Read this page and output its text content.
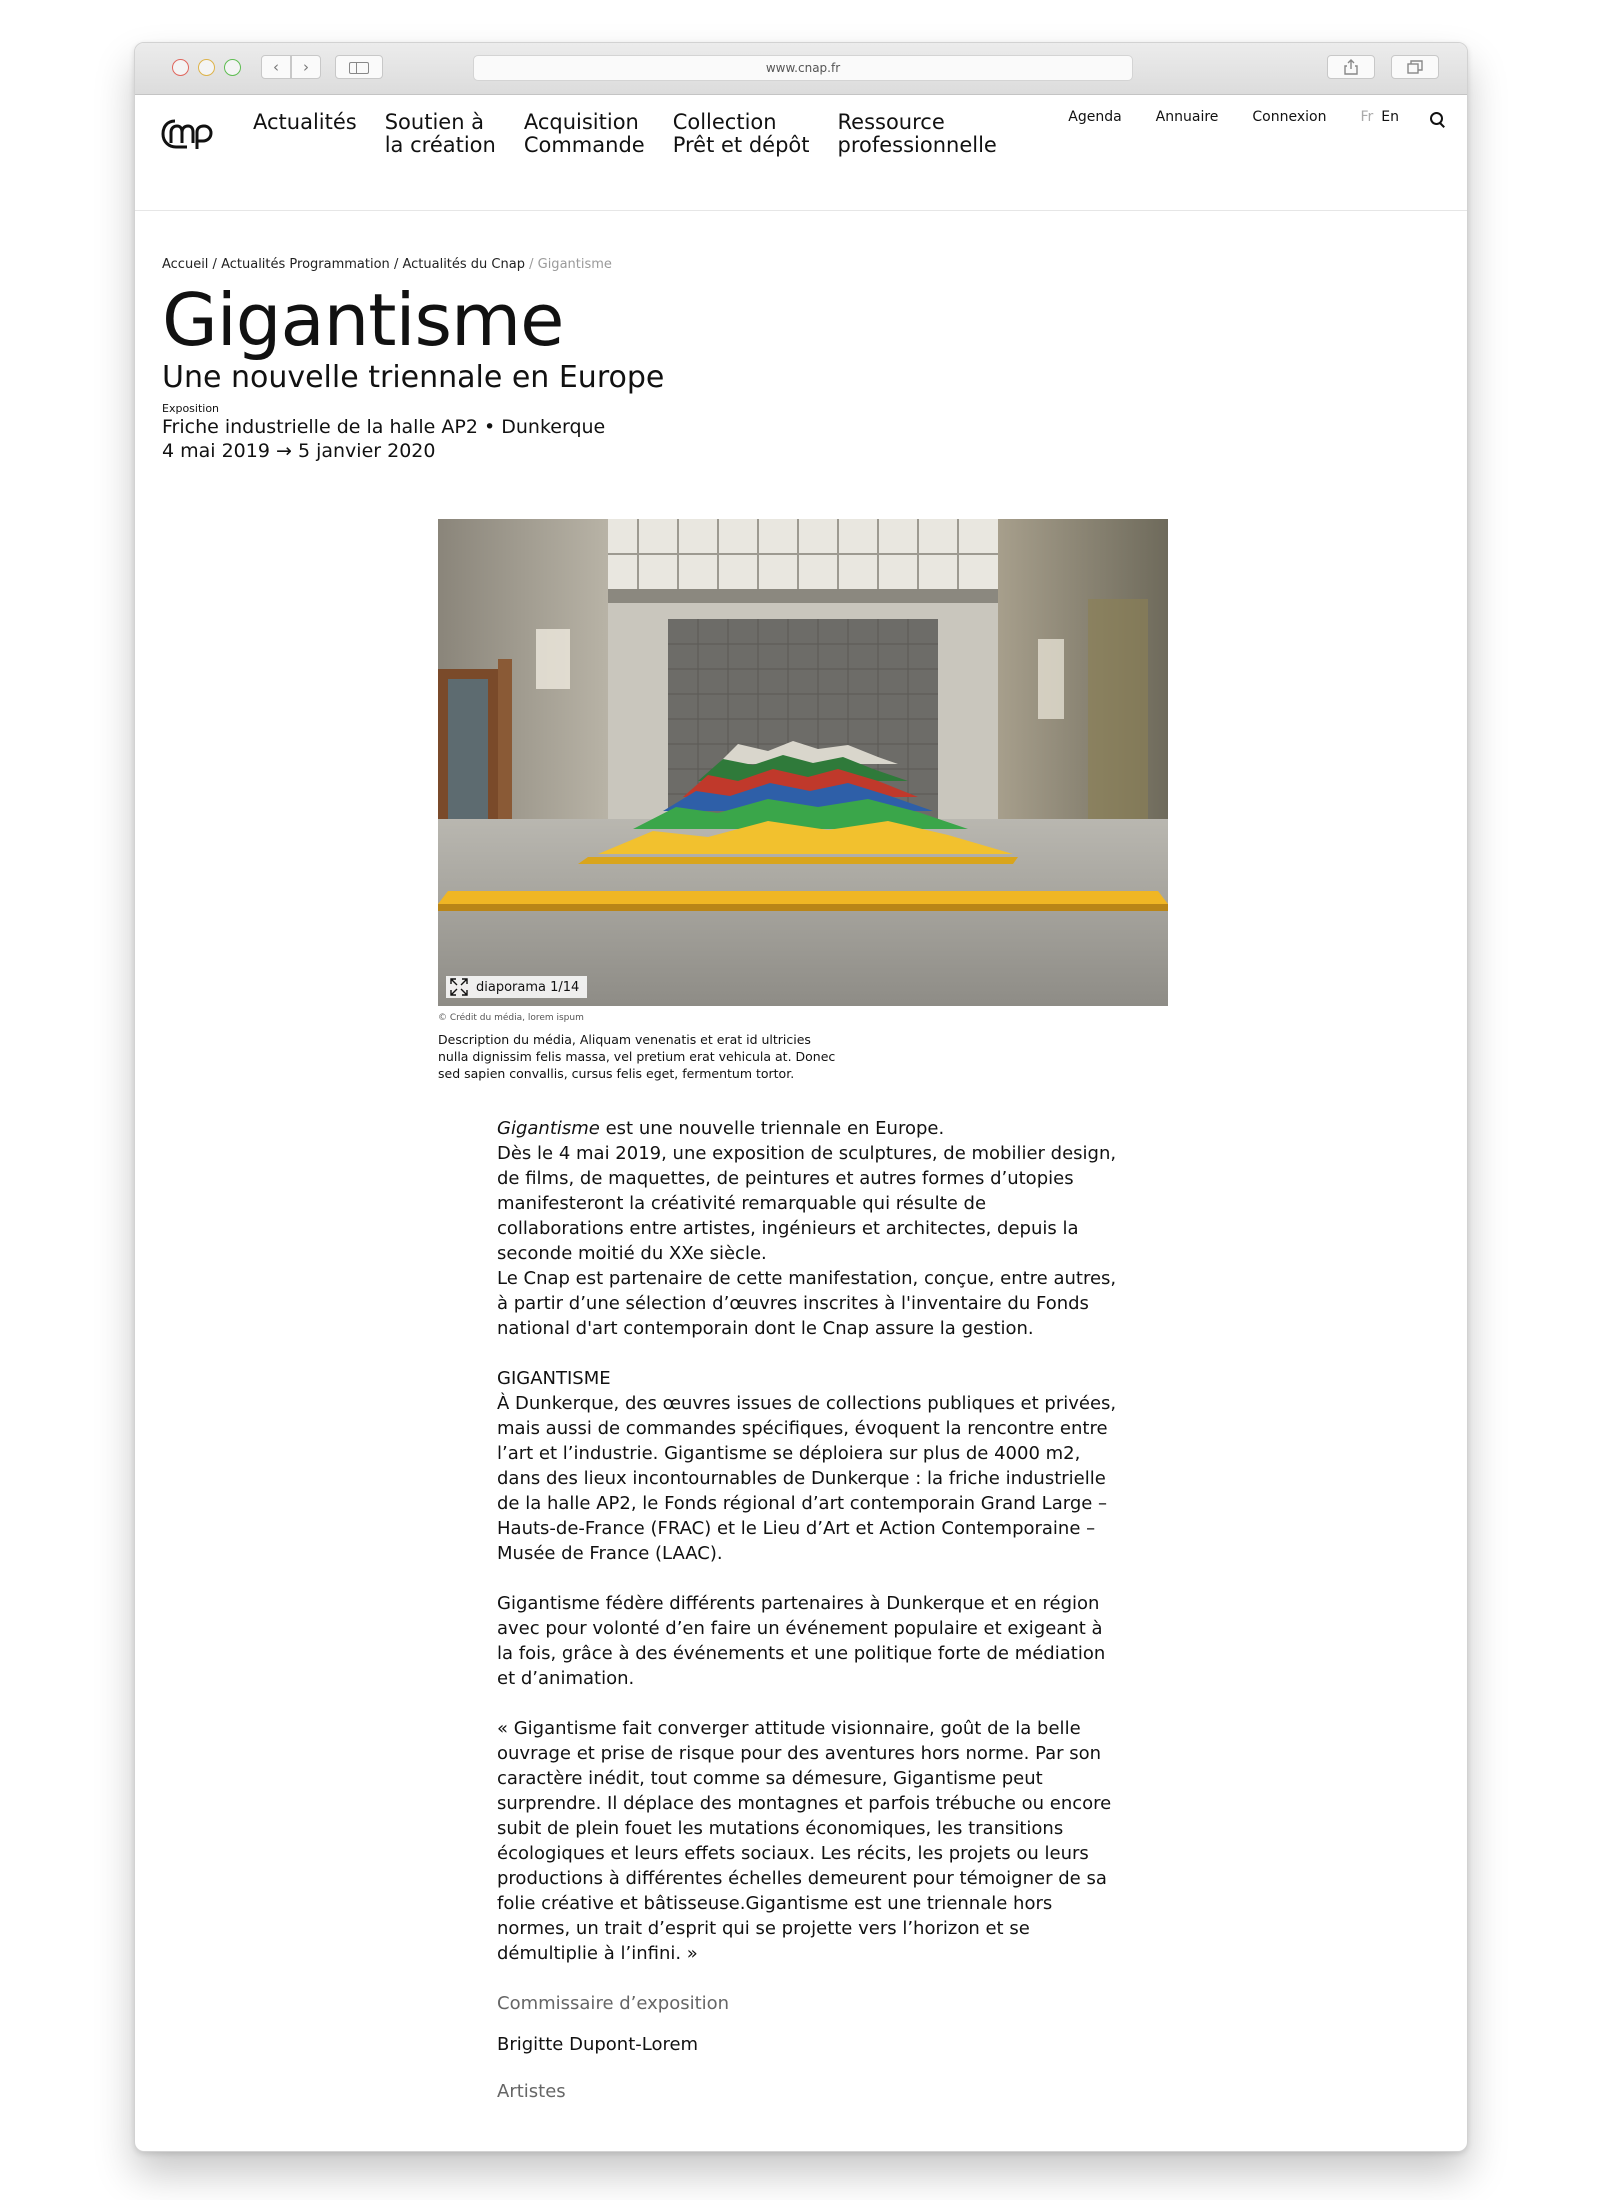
‹	›	www.cnap.fr
Actualités Soutien à
la création
Acquisition
Commande
Collection
Prêt et dépôt
Ressource
professionnelle
Agenda Annuaire Connexion Fr En
Accueil / Actualités Programmation / Actualités du Cnap / Gigantisme
Gigantisme
Une nouvelle triennale en Europe
Exposition
Friche industrielle de la halle AP2 • Dunkerque
4 mai 2019 → 5 janvier 2020
diaporama 1/14
© Crédit du média, lorem ispum
Description du média, Aliquam venenatis et erat id ultricies nulla dignissim felis massa, vel pretium erat vehicula at. Donec sed sapien convallis, cursus felis eget, fermentum tortor.

Gigantisme est une nouvelle triennale en Europe.
Dès le 4 mai 2019, une exposition de sculptures, de mobilier design, de films, de maquettes, de peintures et autres formes d’utopies manifesteront la créativité remarquable qui résulte de collaborations entre artistes, ingénieurs et architectes, depuis la seconde moitié du XXe siècle.
Le Cnap est partenaire de cette manifestation, conçue, entre autres, à partir d’une sélection d’œuvres inscrites à l'inventaire du Fonds national d'art contemporain dont le Cnap assure la gestion.

GIGANTISME
À Dunkerque, des œuvres issues de collections publiques et privées, mais aussi de commandes spécifiques, évoquent la rencontre entre l’art et l’industrie. Gigantisme se déploiera sur plus de 4000 m2, dans des lieux incontournables de Dunkerque : la friche industrielle de la halle AP2, le Fonds régional d’art contemporain Grand Large – Hauts-de-France (FRAC) et le Lieu d’Art et Action Contemporaine – Musée de France (LAAC).

Gigantisme fédère différents partenaires à Dunkerque et en région avec pour volonté d’en faire un événement populaire et exigeant à la fois, grâce à des événements et une politique forte de médiation et d’animation.

« Gigantisme fait converger attitude visionnaire, goût de la belle ouvrage et prise de risque pour des aventures hors norme. Par son caractère inédit, tout comme sa démesure, Gigantisme peut surprendre. Il déplace des montagnes et parfois trébuche ou encore subit de plein fouet les mutations économiques, les transitions écologiques et leurs effets sociaux. Les récits, les projets ou leurs productions à différentes échelles demeurent pour témoigner de sa folie créative et bâtisseuse.Gigantisme est une triennale hors normes, un trait d’esprit qui se projette vers l’horizon et se démultiplie à l’infini. »

Commissaire d’exposition
Brigitte Dupont-Lorem
Artistes
